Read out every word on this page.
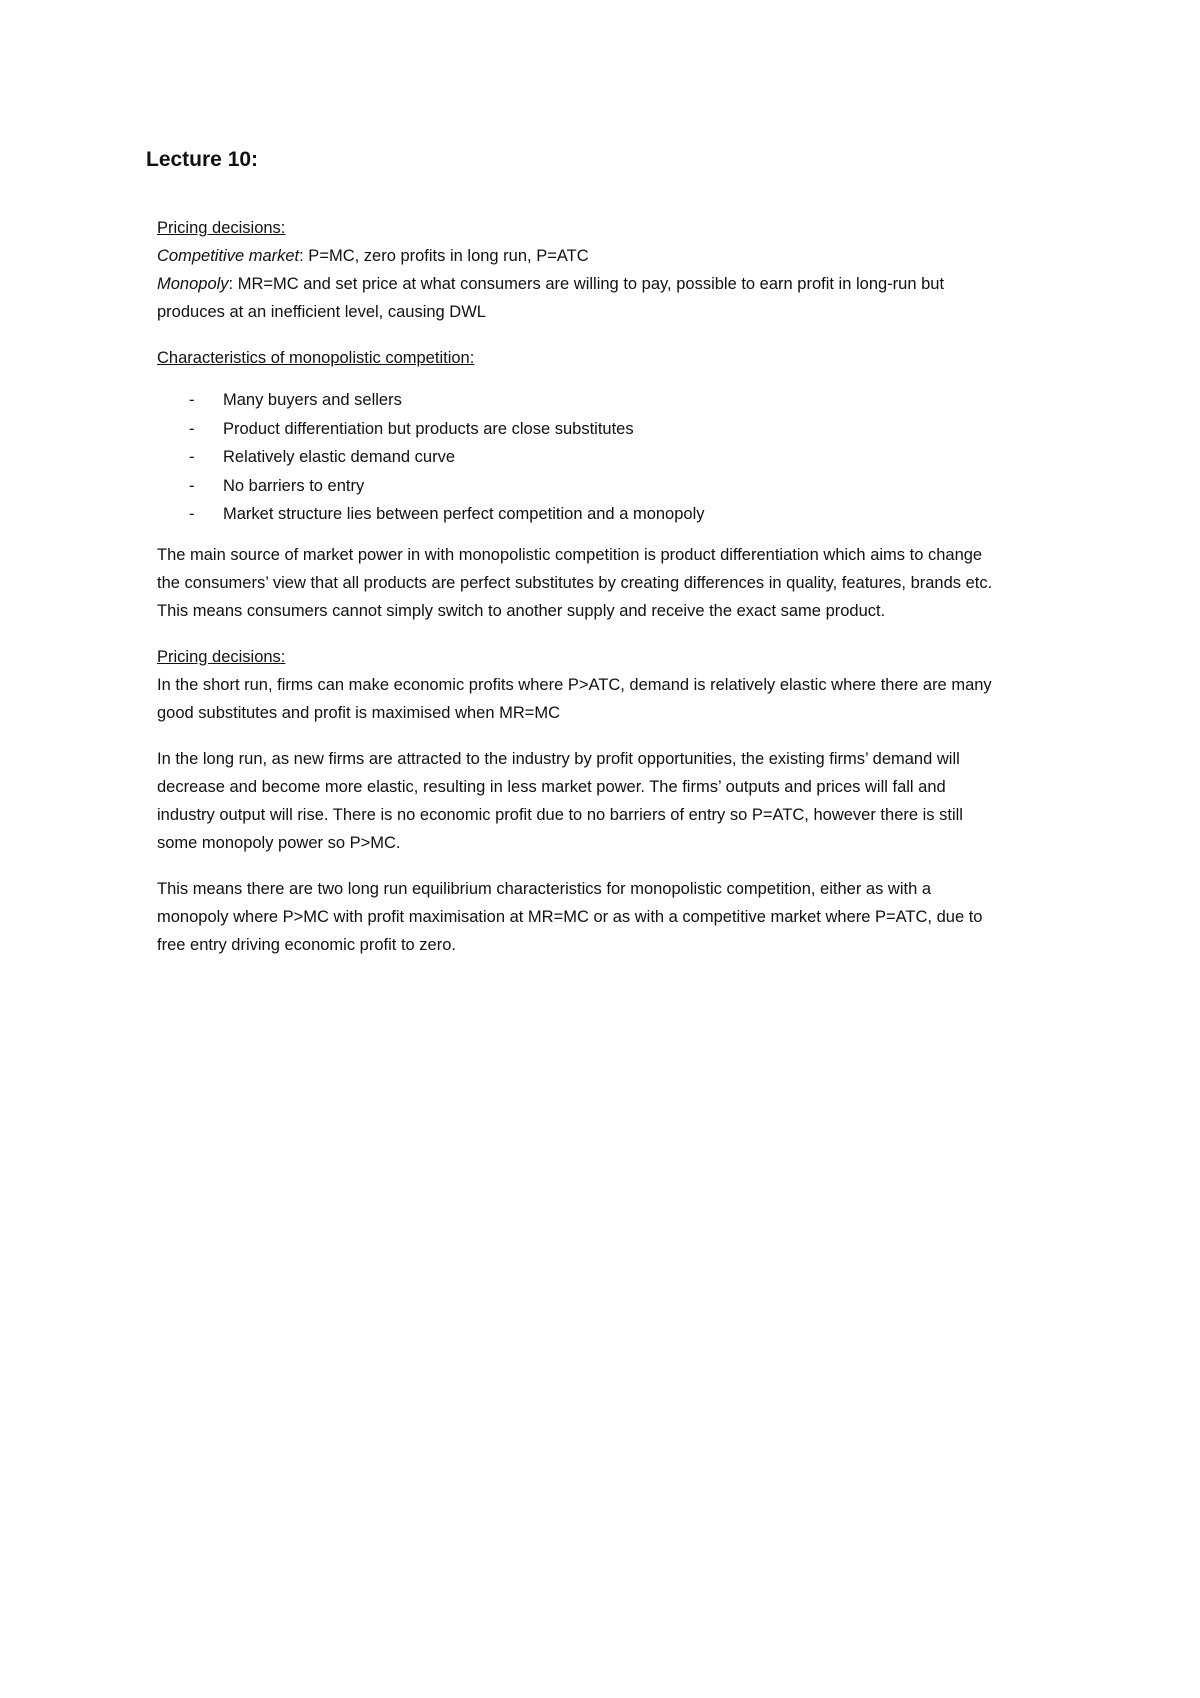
Lecture 10:

Pricing decisions:

Competitive market: P=MC, zero profits in long run, P=ATC

Monopoly: MR=MC and set price at what consumers are willing to pay, possible to earn profit in long-run but produces at an inefficient level, causing DWL

Characteristics of monopolistic competition:

- Many buyers and sellers
- Product differentiation but products are close substitutes
- Relatively elastic demand curve
- No barriers to entry
- Market structure lies between perfect competition and a monopoly

The main source of market power in with monopolistic competition is product differentiation which aims to change the consumers’ view that all products are perfect substitutes by creating differences in quality, features, brands etc. This means consumers cannot simply switch to another supply and receive the exact same product.

Pricing decisions:

In the short run, firms can make economic profits where P>ATC, demand is relatively elastic where there are many good substitutes and profit is maximised when MR=MC

In the long run, as new firms are attracted to the industry by profit opportunities, the existing firms’ demand will decrease and become more elastic, resulting in less market power. The firms’ outputs and prices will fall and industry output will rise. There is no economic profit due to no barriers of entry so P=ATC, however there is still some monopoly power so P>MC.

This means there are two long run equilibrium characteristics for monopolistic competition, either as with a monopoly where P>MC with profit maximisation at MR=MC or as with a competitive market where P=ATC, due to free entry driving economic profit to zero.
